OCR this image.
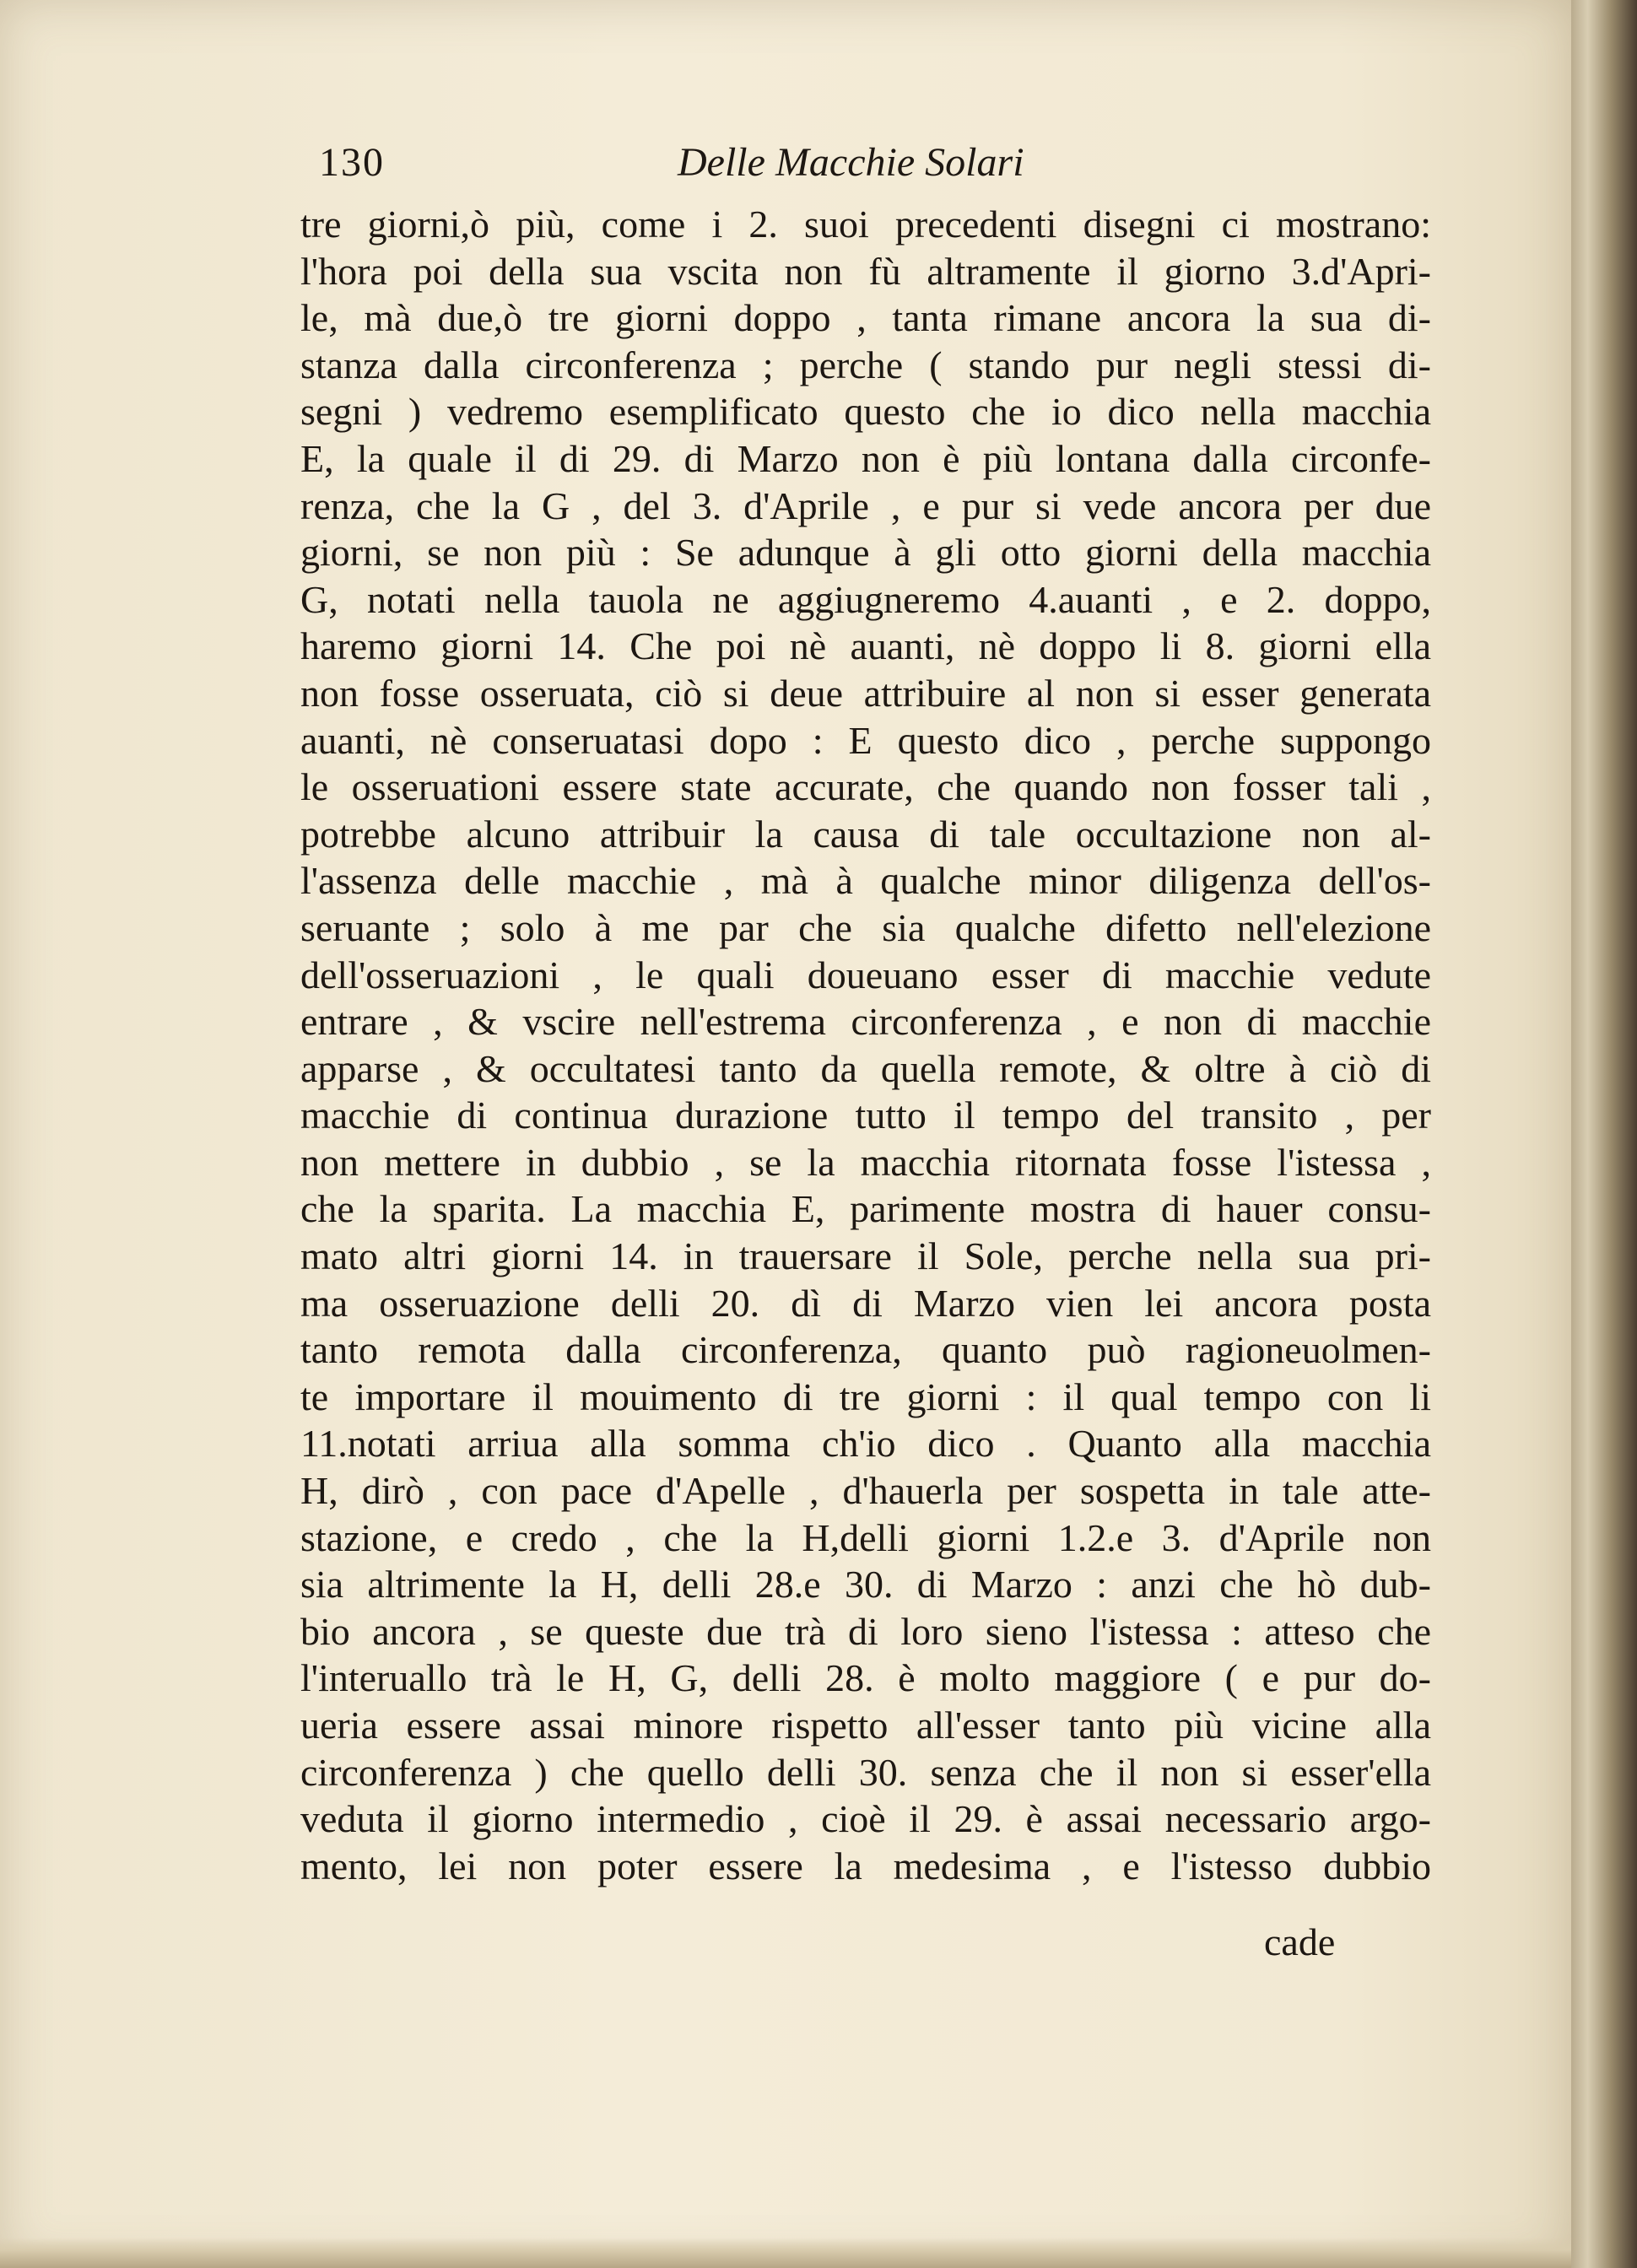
130	Delle Macchie Solari
tre giorni,ò più, come i 2. suoi precedenti disegni ci mostrano:
l'hora poi della sua vscita non fù altramente il giorno 3.d'Apri-
le, mà due,ò tre giorni doppo , tanta rimane ancora la sua di-
stanza dalla circonferenza ; perche ( stando pur negli stessi di-
segni ) vedremo esemplificato questo che io dico nella macchia
E, la quale il di 29. di Marzo non è più lontana dalla circonfe-
renza, che la G , del 3. d'Aprile , e pur si vede ancora per due
giorni, se non più : Se adunque à gli otto giorni della macchia
G, notati nella tauola ne aggiugneremo 4.auanti , e 2. doppo,
haremo giorni 14. Che poi nè auanti, nè doppo li 8. giorni ella
non fosse osseruata, ciò si deue attribuire al non si esser generata
auanti, nè conseruatasi dopo : E questo dico , perche suppongo
le osseruationi essere state accurate, che quando non fosser tali ,
potrebbe alcuno attribuir la causa di tale occultazione non al-
l'assenza delle macchie , mà à qualche minor diligenza dell'os-
seruante ; solo à me par che sia qualche difetto nell'elezione
dell'osseruazioni , le quali doueuano esser di macchie vedute
entrare , & vscire nell'estrema circonferenza , e non di macchie
apparse , & occultatesi tanto da quella remote, & oltre à ciò di
macchie di continua durazione tutto il tempo del transito , per
non mettere in dubbio , se la macchia ritornata fosse l'istessa ,
che la sparita. La macchia E, parimente mostra di hauer consu-
mato altri giorni 14. in trauersare il Sole, perche nella sua pri-
ma osseruazione delli 20. dì di Marzo vien lei ancora posta
tanto remota dalla circonferenza, quanto può ragioneuolmen-
te importare il mouimento di tre giorni : il qual tempo con li
11.notati arriua alla somma ch'io dico . Quanto alla macchia
H, dirò , con pace d'Apelle , d'hauerla per sospetta in tale atte-
stazione, e credo , che la H,delli giorni 1.2.e 3. d'Aprile non
sia altrimente la H, delli 28.e 30. di Marzo : anzi che hò dub-
bio ancora , se queste due trà di loro sieno l'istessa : atteso che
l'interuallo trà le H, G, delli 28. è molto maggiore ( e pur do-
ueria essere assai minore rispetto all'esser tanto più vicine alla
circonferenza ) che quello delli 30. senza che il non si esser'ella
veduta il giorno intermedio , cioè il 29. è assai necessario argo-
mento, lei non poter essere la medesima , e l'istesso dubbio
cade
